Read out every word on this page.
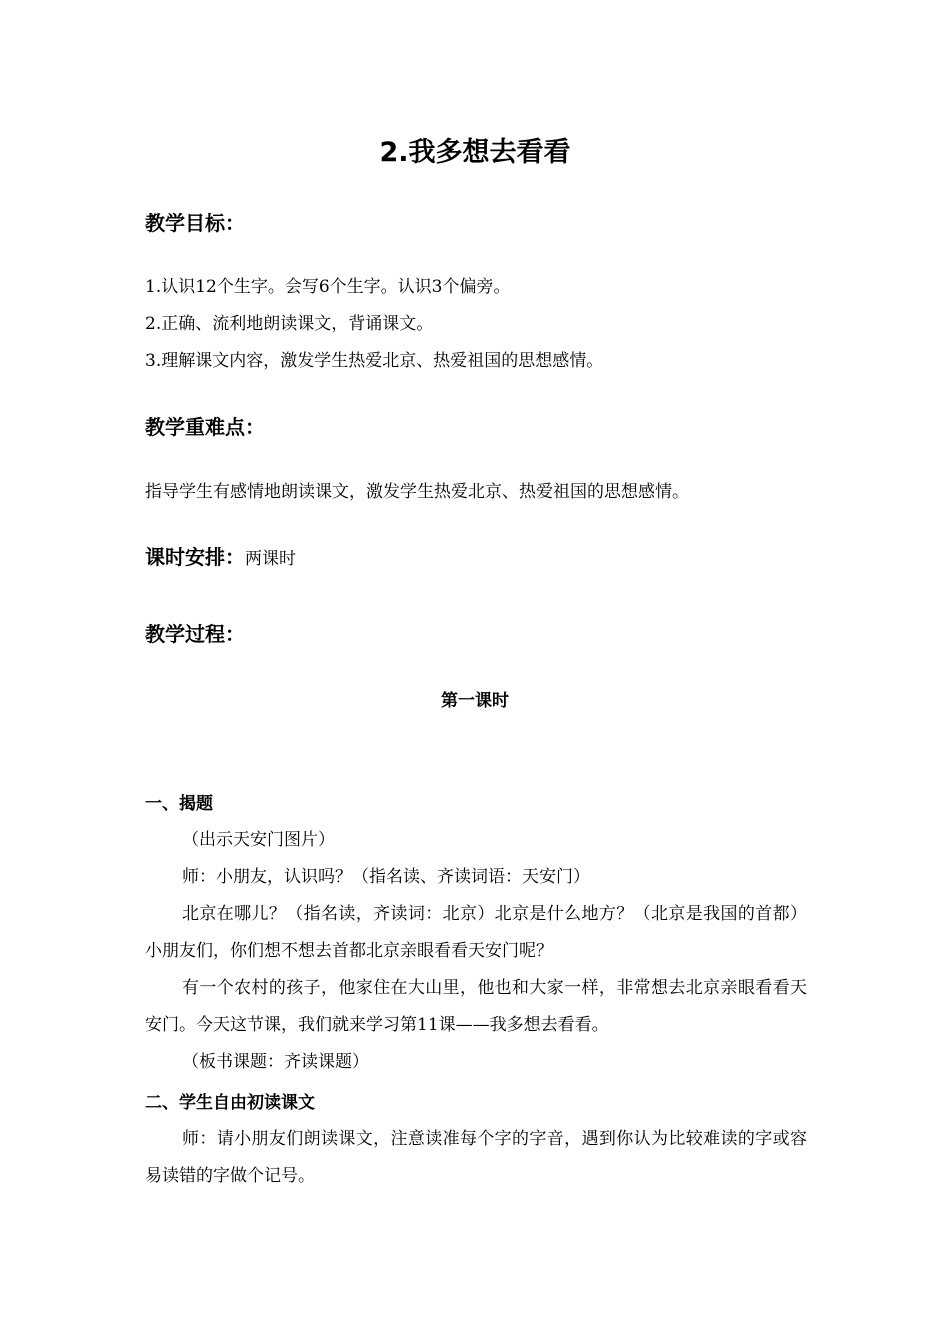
2.我多想去看看
教学目标：
1.认识12个生字。会写6个生字。认识3个偏旁。
2.正确、流利地朗读课文，背诵课文。
3.理解课文内容，激发学生热爱北京、热爱祖国的思想感情。
教学重难点：
指导学生有感情地朗读课文，激发学生热爱北京、热爱祖国的思想感情。
课时安排：两课时
教学过程：
第一课时
一、揭题

（出示天安门图片）

师：小朋友，认识吗？（指名读、齐读词语：天安门）

北京在哪儿？（指名读，齐读词：北京）北京是什么地方？（北京是我国的首都）小朋友们，你们想不想去首都北京亲眼看看天安门呢？

有一个农村的孩子，他家住在大山里，他也和大家一样，非常想去北京亲眼看看天安门。今天这节课，我们就来学习第11课——我多想去看看。

（板书课题：齐读课题）

二、学生自由初读课文

师：请小朋友们朗读课文，注意读准每个字的字音，遇到你认为比较难读的字或容易读错的字做个记号。
